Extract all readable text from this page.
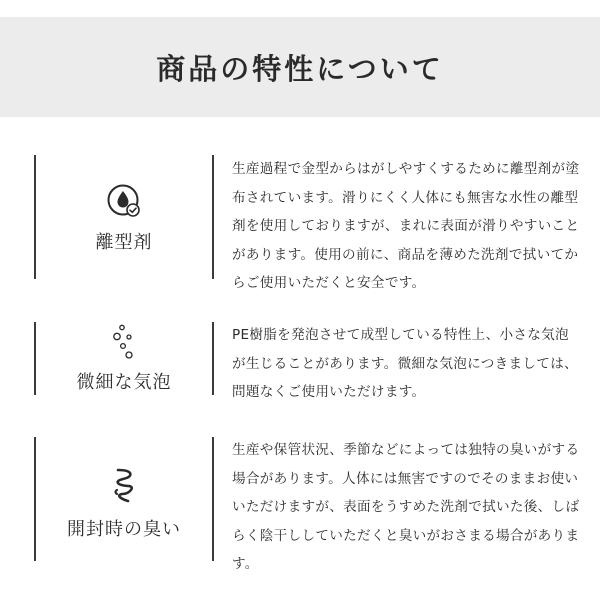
商品の特性について
離型剤

生産過程で金型からはがしやすくするために離型剤が塗布されています。滑りにくく人体にも無害な水性の離型剤を使用しておりますが、まれに表面が滑りやすいことがあります。使用の前に、商品を薄めた洗剤で拭いてからご使用いただくと安全です。

微細な気泡

PE樹脂を発泡させて成型している特性上、小さな気泡が生じることがあります。微細な気泡につきましては、問題なくご使用いただけます。

開封時の臭い

生産や保管状況、季節などによっては独特の臭いがする場合があります。人体には無害ですのでそのままお使いいただけますが、表面をうすめた洗剤で拭いた後、しばらく陰干ししていただくと臭いがおさまる場合があります。
